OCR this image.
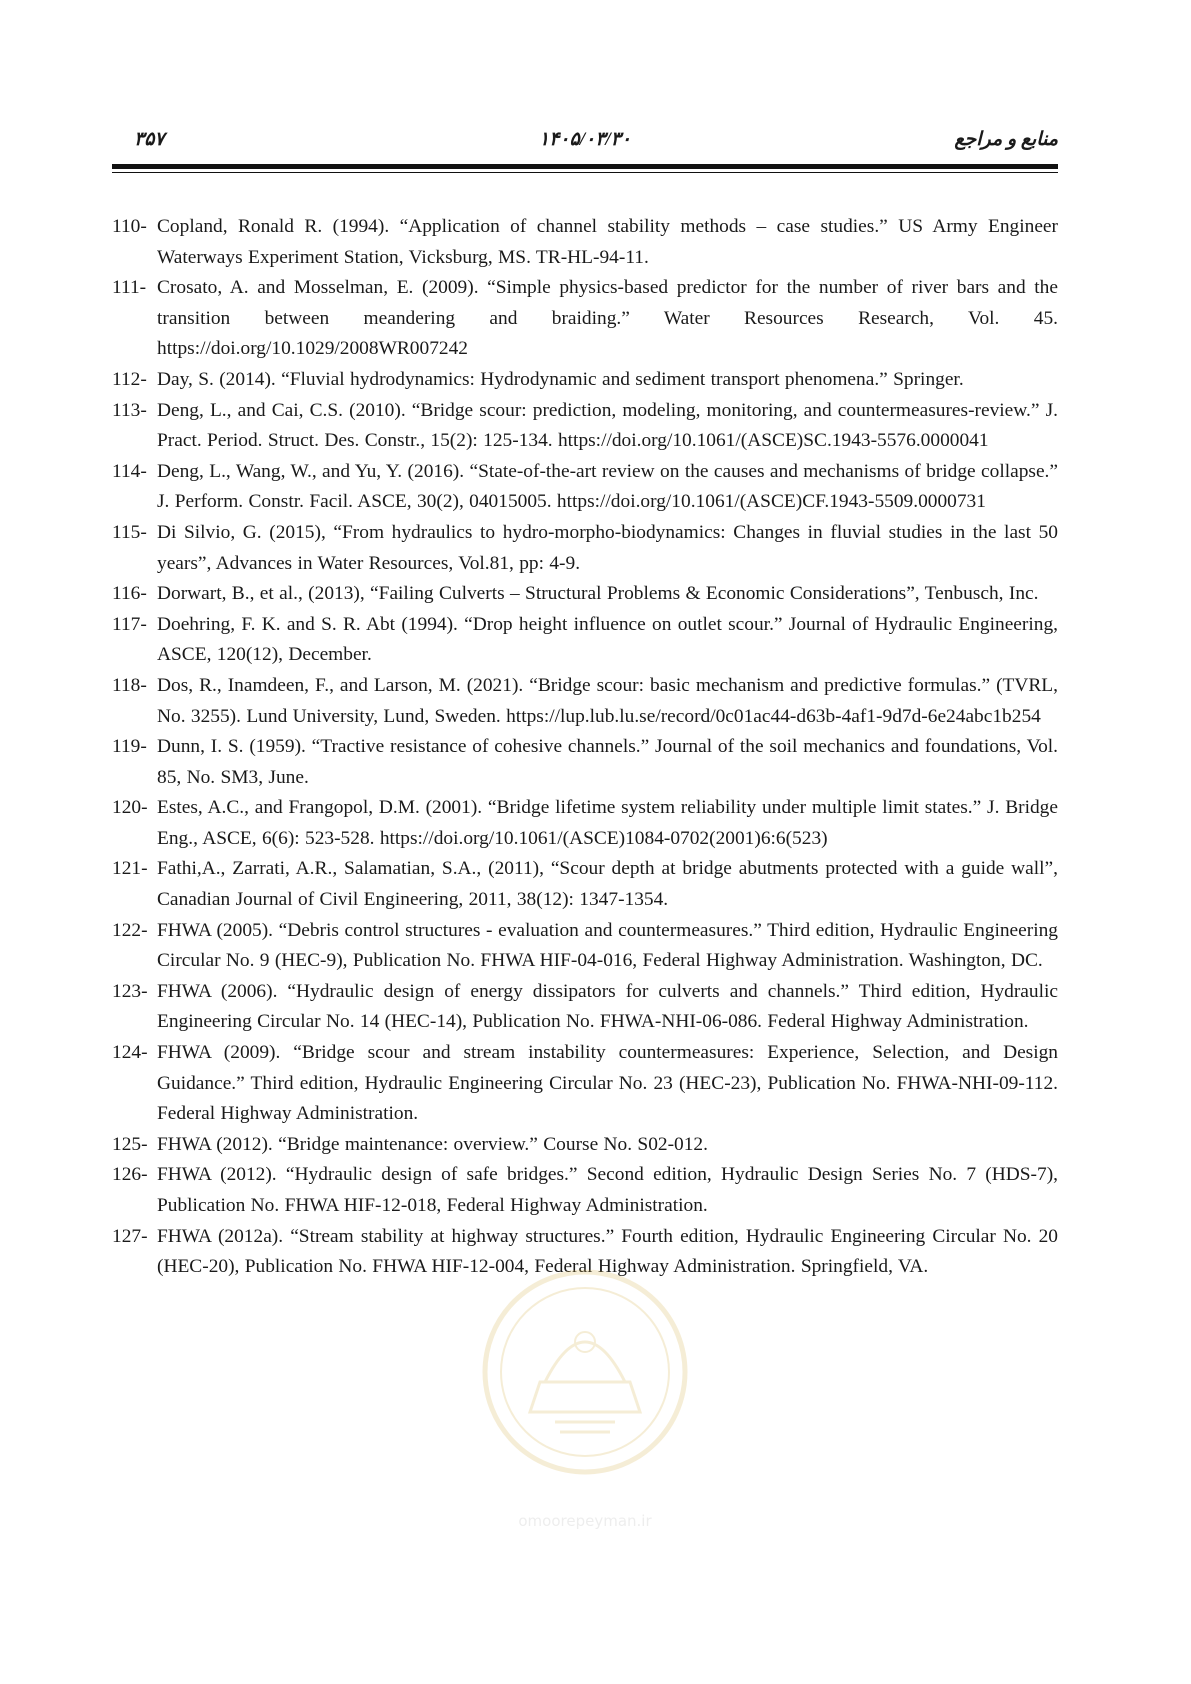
۳۵۷	۱۴۰۵/۰۳/۳۰	منابع و مراجع
110- Copland, Ronald R. (1994). “Application of channel stability methods – case studies.” US Army Engineer Waterways Experiment Station, Vicksburg, MS. TR-HL-94-11.
111- Crosato, A. and Mosselman, E. (2009). “Simple physics-based predictor for the number of river bars and the transition between meandering and braiding.” Water Resources Research, Vol. 45. https://doi.org/10.1029/2008WR007242
112- Day, S. (2014). “Fluvial hydrodynamics: Hydrodynamic and sediment transport phenomena.” Springer.
113- Deng, L., and Cai, C.S. (2010). “Bridge scour: prediction, modeling, monitoring, and countermeasures-review.” J. Pract. Period. Struct. Des. Constr., 15(2): 125-134. https://doi.org/10.1061/(ASCE)SC.1943-5576.0000041
114- Deng, L., Wang, W., and Yu, Y. (2016). “State-of-the-art review on the causes and mechanisms of bridge collapse.” J. Perform. Constr. Facil. ASCE, 30(2), 04015005. https://doi.org/10.1061/(ASCE)CF.1943-5509.0000731
115- Di Silvio, G. (2015), “From hydraulics to hydro-morpho-biodynamics: Changes in fluvial studies in the last 50 years”, Advances in Water Resources, Vol.81, pp: 4-9.
116- Dorwart, B., et al., (2013), “Failing Culverts – Structural Problems & Economic Considerations”, Tenbusch, Inc.
117- Doehring, F. K. and S. R. Abt (1994). “Drop height influence on outlet scour.” Journal of Hydraulic Engineering, ASCE, 120(12), December.
118- Dos, R., Inamdeen, F., and Larson, M. (2021). “Bridge scour: basic mechanism and predictive formulas.” (TVRL, No. 3255). Lund University, Lund, Sweden. https://lup.lub.lu.se/record/0c01ac44-d63b-4af1-9d7d-6e24abc1b254
119- Dunn, I. S. (1959). “Tractive resistance of cohesive channels.” Journal of the soil mechanics and foundations, Vol. 85, No. SM3, June.
120- Estes, A.C., and Frangopol, D.M. (2001). “Bridge lifetime system reliability under multiple limit states.” J. Bridge Eng., ASCE, 6(6): 523-528. https://doi.org/10.1061/(ASCE)1084-0702(2001)6:6(523)
121- Fathi,A., Zarrati, A.R., Salamatian, S.A., (2011), “Scour depth at bridge abutments protected with a guide wall”, Canadian Journal of Civil Engineering, 2011, 38(12): 1347-1354.
122- FHWA (2005). “Debris control structures - evaluation and countermeasures.” Third edition, Hydraulic Engineering Circular No. 9 (HEC-9), Publication No. FHWA HIF-04-016, Federal Highway Administration. Washington, DC.
123- FHWA (2006). “Hydraulic design of energy dissipators for culverts and channels.” Third edition, Hydraulic Engineering Circular No. 14 (HEC-14), Publication No. FHWA-NHI-06-086. Federal Highway Administration.
124- FHWA (2009). “Bridge scour and stream instability countermeasures: Experience, Selection, and Design Guidance.” Third edition, Hydraulic Engineering Circular No. 23 (HEC-23), Publication No. FHWA-NHI-09-112. Federal Highway Administration.
125- FHWA (2012). “Bridge maintenance: overview.” Course No. S02-012.
126- FHWA (2012). “Hydraulic design of safe bridges.” Second edition, Hydraulic Design Series No. 7 (HDS-7), Publication No. FHWA HIF-12-018, Federal Highway Administration.
127- FHWA (2012a). “Stream stability at highway structures.” Fourth edition, Hydraulic Engineering Circular No. 20 (HEC-20), Publication No. FHWA HIF-12-004, Federal Highway Administration. Springfield, VA.
omoorepeyman.ir
